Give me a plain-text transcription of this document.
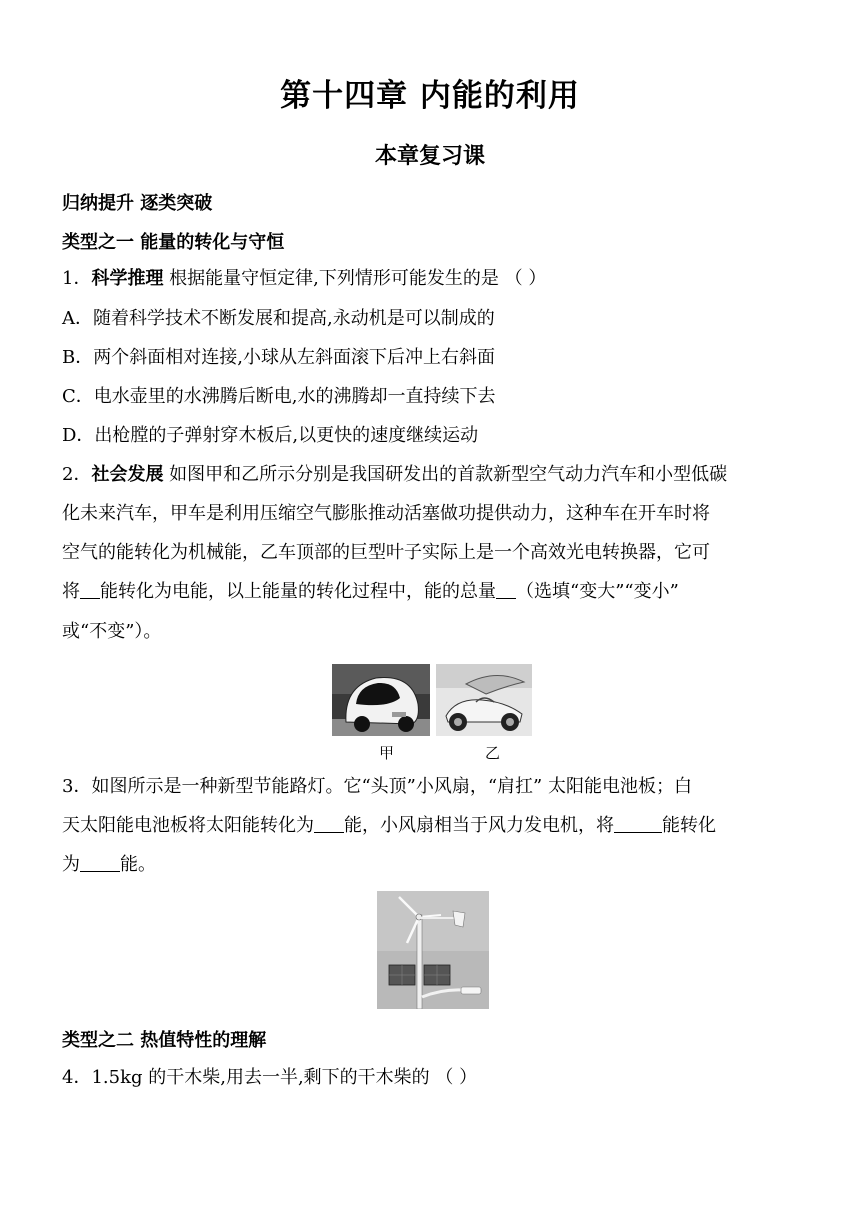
第十四章 内能的利用
本章复习课
归纳提升 逐类突破
类型之一 能量的转化与守恒
1．科学推理 根据能量守恒定律,下列情形可能发生的是 （ ）
A．随着科学技术不断发展和提高,永动机是可以制成的
B．两个斜面相对连接,小球从左斜面滚下后冲上右斜面
C．电水壶里的水沸腾后断电,水的沸腾却一直持续下去
D．出枪膛的子弹射穿木板后,以更快的速度继续运动
2．社会发展 如图甲和乙所示分别是我国研发出的首款新型空气动力汽车和小型低碳
化未来汽车，甲车是利用压缩空气膨胀推动活塞做功提供动力，这种车在开车时将
空气的能转化为机械能，乙车顶部的巨型叶子实际上是一个高效光电转换器，它可
将 能转化为电能，以上能量的转化过程中，能的总量 （选填“变大”“变小”
或“不变”）。
甲	乙
3．如图所示是一种新型节能路灯。它“头顶”小风扇，“肩扛” 太阳能电池板；白
天太阳能电池板将太阳能转化为 能，小风扇相当于风力发电机，将	能转化
为 能。
类型之二 热值特性的理解
4．1.5kg 的干木柴,用去一半,剩下的干木柴的 （ ）
